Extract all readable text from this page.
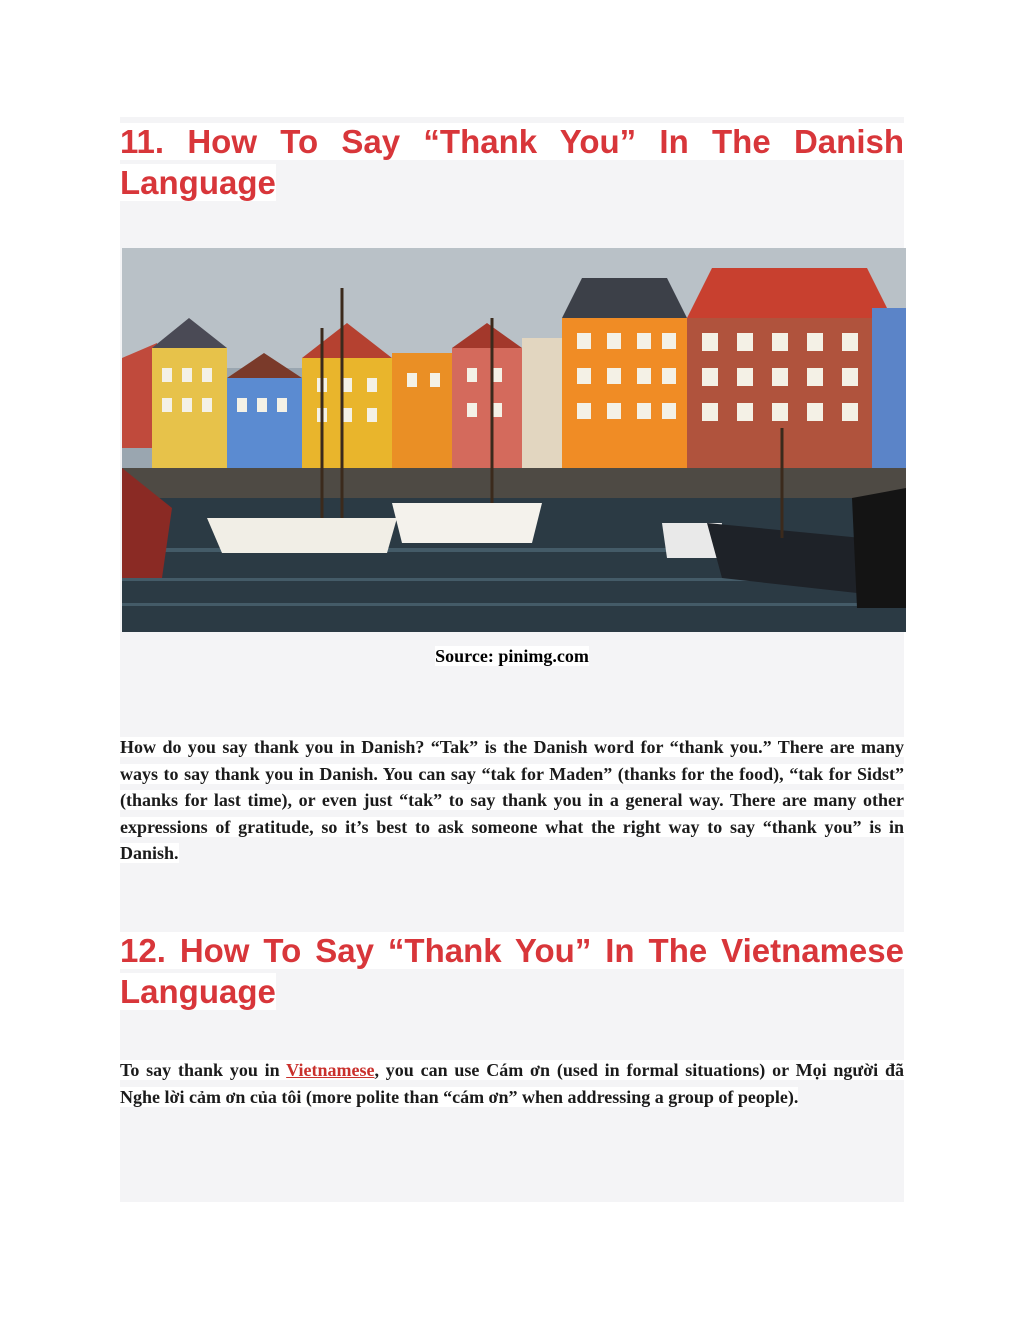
11. How To Say “Thank You” In The Danish Language
Source: pinimg.com

How do you say thank you in Danish? “Tak” is the Danish word for “thank you.” There are many ways to say thank you in Danish. You can say “tak for Maden” (thanks for the food), “tak for Sidst” (thanks for last time), or even just “tak” to say thank you in a general way. There are many other expressions of gratitude, so it’s best to ask someone what the right way to say “thank you” is in Danish.

12. How To Say “Thank You” In The Vietnamese Language

To say thank you in Vietnamese, you can use Cám ơn (used in formal situations) or Mọi người đã Nghe lời cảm ơn của tôi (more polite than “cám ơn” when addressing a group of people).
